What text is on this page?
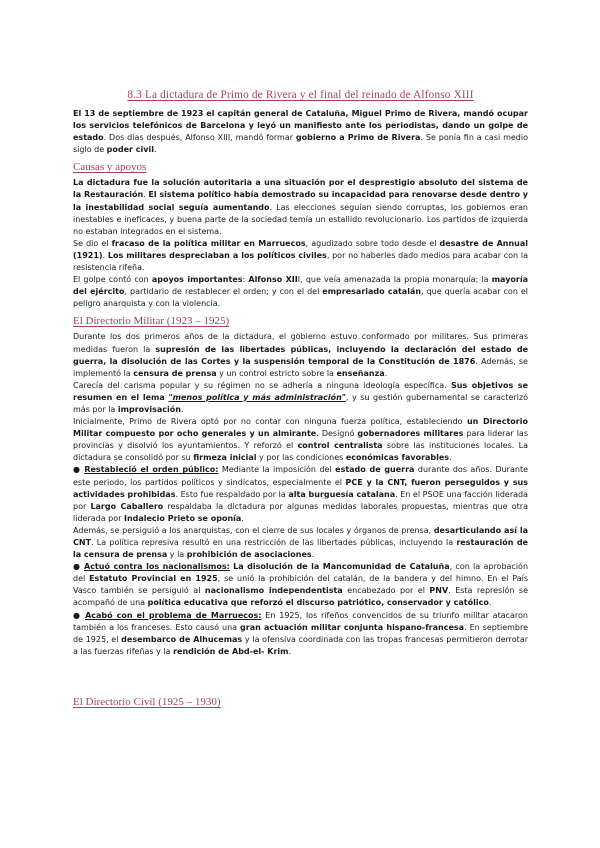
8.3 La dictadura de Primo de Rivera y el final del reinado de Alfonso XIII

El 13 de septiembre de 1923 el capitán general de Cataluña, Miguel Primo de Rivera, mandó ocupar los servicios telefónicos de Barcelona y leyó un manifiesto ante los periodistas, dando un golpe de estado. Dos días después, Alfonso XIII, mandó formar gobierno a Primo de Rivera. Se ponía fin a casi medio siglo de poder civil.

Causas y apoyos

La dictadura fue la solución autoritaria a una situación por el desprestigio absoluto del sistema de la Restauración. El sistema político había demostrado su incapacidad para renovarse desde dentro y la inestabilidad social seguía aumentando. Las elecciones seguían siendo corruptas, los gobiernos eran inestables e ineficaces, y buena parte de la sociedad temía un estallido revolucionario. Los partidos de izquierda no estaban integrados en el sistema.

Se dio el fracaso de la política militar en Marruecos, agudizado sobre todo desde el desastre de Annual (1921). Los militares despreciaban a los políticos civiles, por no haberles dado medios para acabar con la resistencia rifeña.

El golpe contó con apoyos importantes: Alfonso XIII, que veía amenazada la propia monarquía; la mayoría del ejército, partidario de restablecer el orden; y con el del empresariado catalán, que quería acabar con el peligro anarquista y con la violencia.

El Directorio Militar (1923 – 1925)

Durante los dos primeros años de la dictadura, el gobierno estuvo conformado por militares. Sus primeras medidas fueron la supresión de las libertades públicas, incluyendo la declaración del estado de guerra, la disolución de las Cortes y la suspensión temporal de la Constitución de 1876. Además, se implementó la censura de prensa y un control estricto sobre la enseñanza.

Carecía del carisma popular y su régimen no se adhería a ninguna ideología específica. Sus objetivos se resumen en el lema "menos política y más administración", y su gestión gubernamental se caracterizó más por la improvisación.

Inicialmente, Primo de Rivera optó por no contar con ninguna fuerza política, estableciendo un Directorio Militar compuesto por ocho generales y un almirante. Designó gobernadores militares para liderar las provincias y disolvió los ayuntamientos. Y reforzó el control centralista sobre las instituciones locales. La dictadura se consolidó por su firmeza inicial y por las condiciones económicas favorables.

● Restableció el orden público: Mediante la imposición del estado de guerra durante dos años. Durante este periodo, los partidos políticos y sindicatos, especialmente el PCE y la CNT, fueron perseguidos y sus actividades prohibidas. Esto fue respaldado por la alta burguesía catalana. En el PSOE una facción liderada por Largo Caballero respaldaba la dictadura por algunas medidas laborales propuestas, mientras que otra liderada por Indalecio Prieto se oponía.

Además, se persiguió a los anarquistas, con el cierre de sus locales y órganos de prensa, desarticulando así la CNT. La política represiva resultó en una restricción de las libertades públicas, incluyendo la restauración de la censura de prensa y la prohibición de asociaciones.

● Actuó contra los nacionalismos: La disolución de la Mancomunidad de Cataluña, con la aprobación del Estatuto Provincial en 1925, se unió la prohibición del catalán, de la bandera y del himno. En el País Vasco también se persiguió al nacionalismo independentista encabezado por el PNV. Esta represión se acompañó de una política educativa que reforzó el discurso patriótico, conservador y católico.

● Acabó con el problema de Marruecos: En 1925, los rifeños convencidos de su triunfo militar atacaron también a los franceses. Esto causó una gran actuación militar conjunta hispano-francesa. En septiembre de 1925, el desembarco de Alhucemas y la ofensiva coordinada con las tropas francesas permitieron derrotar a las fuerzas rifeñas y la rendición de Abd-el- Krim.

El Directorio Civil (1925 – 1930)
